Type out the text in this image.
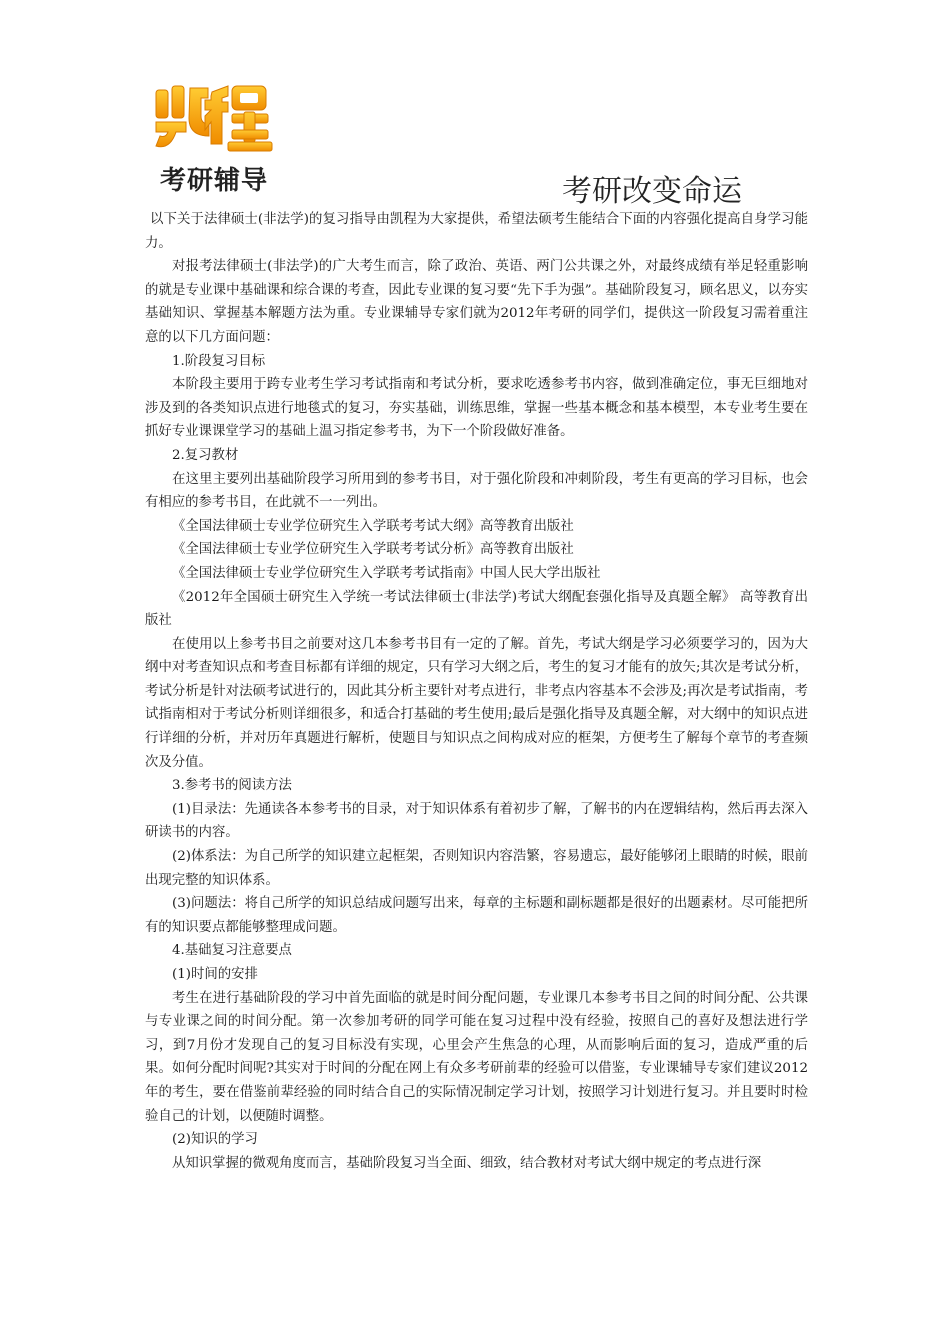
考研辅导	考研改变命运

以下关于法律硕士(非法学)的复习指导由凯程为大家提供，希望法硕考生能结合下面的内容强化提高自身学习能力。

对报考法律硕士(非法学)的广大考生而言，除了政治、英语、两门公共课之外，对最终成绩有举足轻重影响的就是专业课中基础课和综合课的考查，因此专业课的复习要“先下手为强”。基础阶段复习，顾名思义，以夯实基础知识、掌握基本解题方法为重。专业课辅导专家们就为2012年考研的同学们，提供这一阶段复习需着重注意的以下几方面问题：

1.阶段复习目标

本阶段主要用于跨专业考生学习考试指南和考试分析，要求吃透参考书内容，做到准确定位，事无巨细地对涉及到的各类知识点进行地毯式的复习，夯实基础，训练思维，掌握一些基本概念和基本模型，本专业考生要在抓好专业课课堂学习的基础上温习指定参考书，为下一个阶段做好准备。

2.复习教材

在这里主要列出基础阶段学习所用到的参考书目，对于强化阶段和冲刺阶段，考生有更高的学习目标，也会有相应的参考书目，在此就不一一列出。

《全国法律硕士专业学位研究生入学联考考试大纲》高等教育出版社

《全国法律硕士专业学位研究生入学联考考试分析》高等教育出版社

《全国法律硕士专业学位研究生入学联考考试指南》中国人民大学出版社

《2012年全国硕士研究生入学统一考试法律硕士(非法学)考试大纲配套强化指导及真题全解》 高等教育出版社

在使用以上参考书目之前要对这几本参考书目有一定的了解。首先，考试大纲是学习必须要学习的，因为大纲中对考查知识点和考查目标都有详细的规定，只有学习大纲之后，考生的复习才能有的放矢;其次是考试分析，考试分析是针对法硕考试进行的，因此其分析主要针对考点进行，非考点内容基本不会涉及;再次是考试指南，考试指南相对于考试分析则详细很多，和适合打基础的考生使用;最后是强化指导及真题全解，对大纲中的知识点进行详细的分析，并对历年真题进行解析，使题目与知识点之间构成对应的框架，方便考生了解每个章节的考查频次及分值。

3.参考书的阅读方法

(1)目录法：先通读各本参考书的目录，对于知识体系有着初步了解，了解书的内在逻辑结构，然后再去深入研读书的内容。

(2)体系法：为自己所学的知识建立起框架，否则知识内容浩繁，容易遗忘，最好能够闭上眼睛的时候，眼前出现完整的知识体系。

(3)问题法：将自己所学的知识总结成问题写出来，每章的主标题和副标题都是很好的出题素材。尽可能把所有的知识要点都能够整理成问题。

4.基础复习注意要点

(1)时间的安排

考生在进行基础阶段的学习中首先面临的就是时间分配问题，专业课几本参考书目之间的时间分配、公共课与专业课之间的时间分配。第一次参加考研的同学可能在复习过程中没有经验，按照自己的喜好及想法进行学习，到7月份才发现自己的复习目标没有实现，心里会产生焦急的心理，从而影响后面的复习，造成严重的后果。如何分配时间呢?其实对于时间的分配在网上有众多考研前辈的经验可以借鉴，专业课辅导专家们建议2012年的考生，要在借鉴前辈经验的同时结合自己的实际情况制定学习计划，按照学习计划进行复习。并且要时时检验自己的计划，以便随时调整。

(2)知识的学习

从知识掌握的微观角度而言，基础阶段复习当全面、细致，结合教材对考试大纲中规定的考点进行深
